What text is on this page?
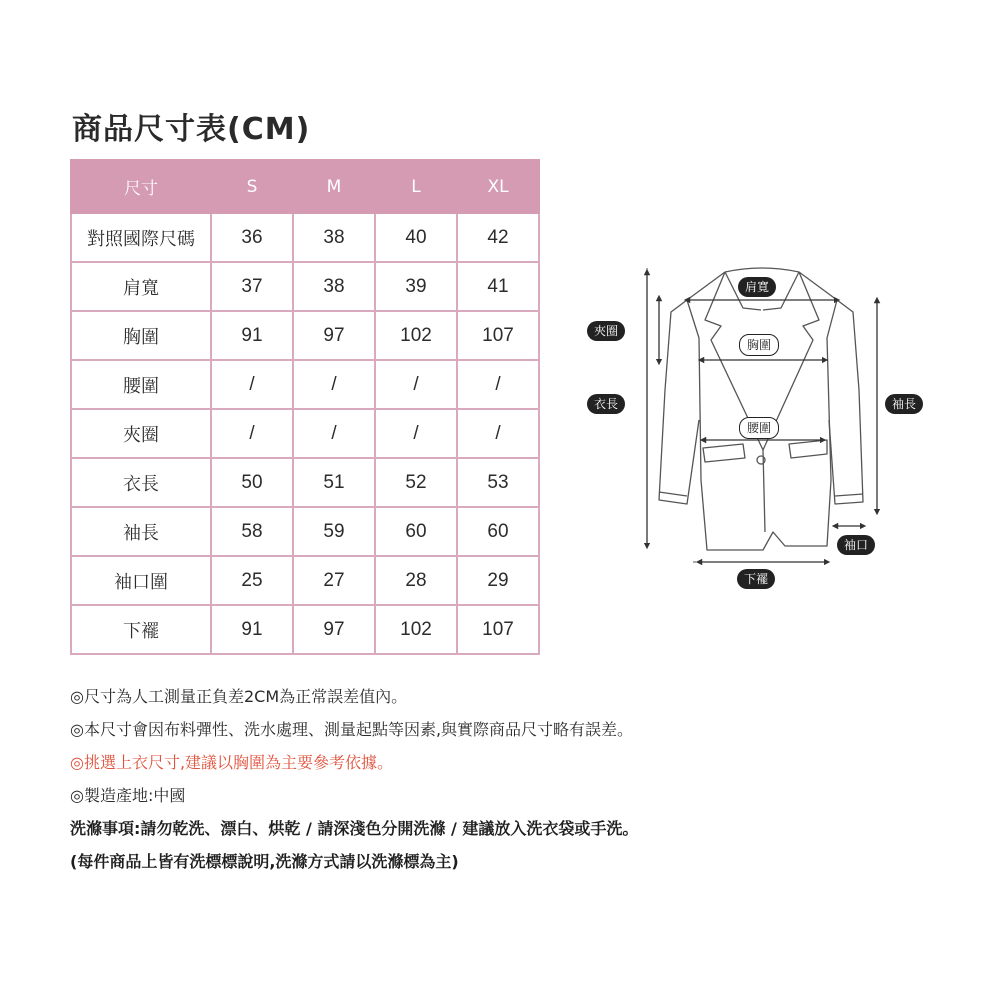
商品尺寸表(CM)
尺寸	S	M	L	XL
對照國際尺碼	36	38	40	42
肩寬	37	38	39	41
胸圍	91	97	102	107
腰圍	/	/	/	/
夾圈	/	/	/	/
衣長	50	51	52	53
袖長	58	59	60	60
袖口圍	25	27	28	29
下襬	91	97	102	107
肩寬
胸圍
腰圍
夾圈
衣長	袖長
袖口
下襬

◎尺寸為人工測量正負差2CM為正常誤差值內。

◎本尺寸會因布料彈性、洗水處理、測量起點等因素,與實際商品尺寸略有誤差。

◎挑選上衣尺寸,建議以胸圍為主要參考依據。

◎製造產地:中國

洗滌事項:請勿乾洗、漂白、烘乾 / 請深淺色分開洗滌 / 建議放入洗衣袋或手洗。

(每件商品上皆有洗標標說明,洗滌方式請以洗滌標為主)
